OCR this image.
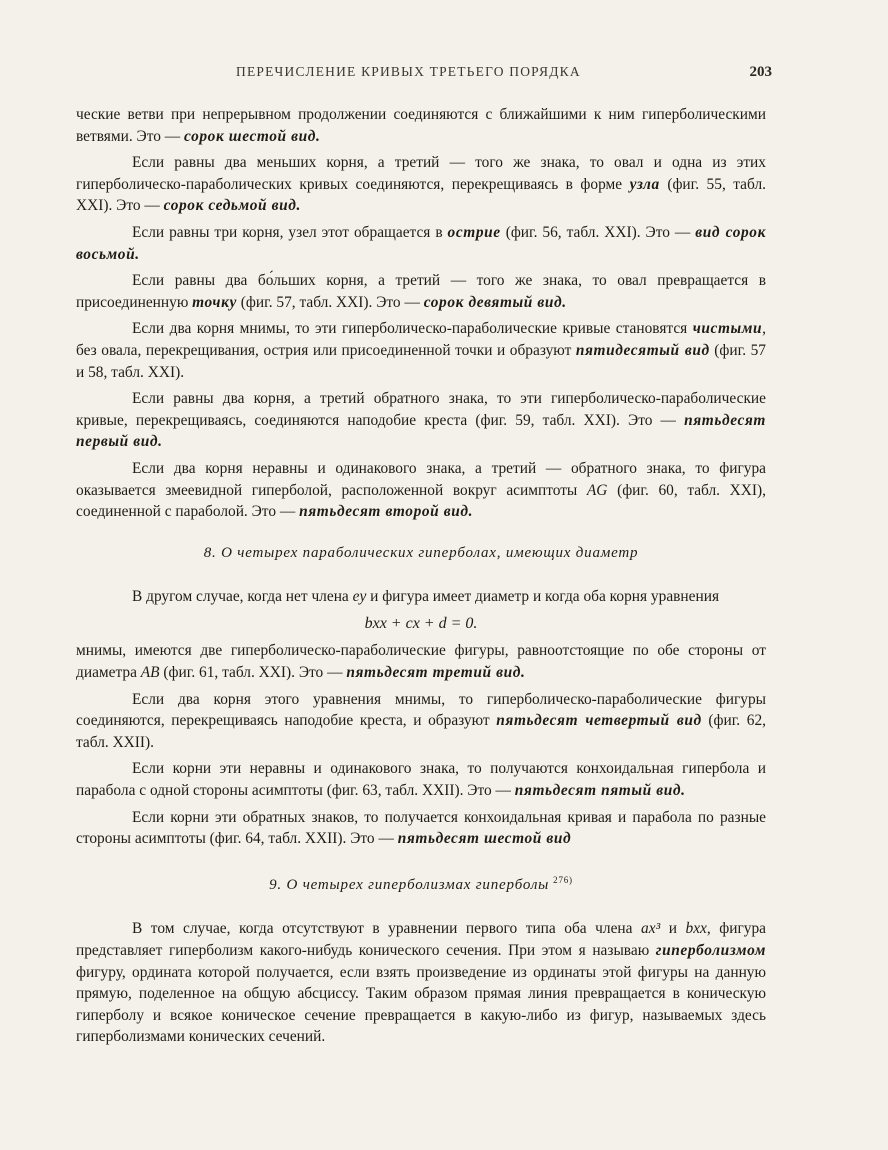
ПЕРЕЧИСЛЕНИЕ КРИВЫХ ТРЕТЬЕГО ПОРЯДКА	203

ческие ветви при непрерывном продолжении соединяются с ближайшими к ним гиперболическими ветвями. Это — сорок шестой вид.

Если равны два меньших корня, а третий — того же знака, то овал и одна из этих гиперболическо-параболических кривых соединяются, перекрещиваясь в форме узла (фиг. 55, табл. XXI). Это — сорок седьмой вид.

Если равны три корня, узел этот обращается в острие (фиг. 56, табл. XXI). Это — вид сорок восьмой.

Если равны два бо́льших корня, а третий — того же знака, то овал превращается в присоединенную точку (фиг. 57, табл. XXI). Это — сорок девятый вид.

Если два корня мнимы, то эти гиперболическо-параболические кривые становятся чистыми, без овала, перекрещивания, острия или присоединенной точки и образуют пятидесятый вид (фиг. 57 и 58, табл. XXI).

Если равны два корня, а третий обратного знака, то эти гиперболическо-параболические кривые, перекрещиваясь, соединяются наподобие креста (фиг. 59, табл. XXI). Это — пятьдесят первый вид.

Если два корня неравны и одинакового знака, а третий — обратного знака, то фигура оказывается змеевидной гиперболой, расположенной вокруг асимптоты AG (фиг. 60, табл. XXI), соединенной с параболой. Это — пятьдесят второй вид.

8. О четырех параболических гиперболах, имеющих диаметр

В другом случае, когда нет члена ey и фигура имеет диаметр и когда оба корня уравнения

bxx + cx + d = 0.

мнимы, имеются две гиперболическо-параболические фигуры, равноотстоящие по обе стороны от диаметра AB (фиг. 61, табл. XXI). Это — пятьдесят третий вид.

Если два корня этого уравнения мнимы, то гиперболическо-параболические фигуры соединяются, перекрещиваясь наподобие креста, и образуют пятьдесят четвертый вид (фиг. 62, табл. XXII).

Если корни эти неравны и одинакового знака, то получаются конхоидальная гипербола и парабола с одной стороны асимптоты (фиг. 63, табл. XXII). Это — пятьдесят пятый вид.

Если корни эти обратных знаков, то получается конхоидальная кривая и парабола по разные стороны асимптоты (фиг. 64, табл. XXII). Это — пятьдесят шестой вид

9. О четырех гиперболизмах гиперболы $^{276)}$

В том случае, когда отсутствуют в уравнении первого типа оба члена ax³ и bxx, фигура представляет гиперболизм какого-нибудь конического сечения. При этом я называю гиперболизмом фигуру, ордината которой получается, если взять произведение из ординаты этой фигуры на данную прямую, поделенное на общую абсциссу. Таким образом прямая линия превращается в коническую гиперболу и всякое коническое сечение превращается в какую-либо из фигур, называемых здесь гиперболизмами конических сечений.
